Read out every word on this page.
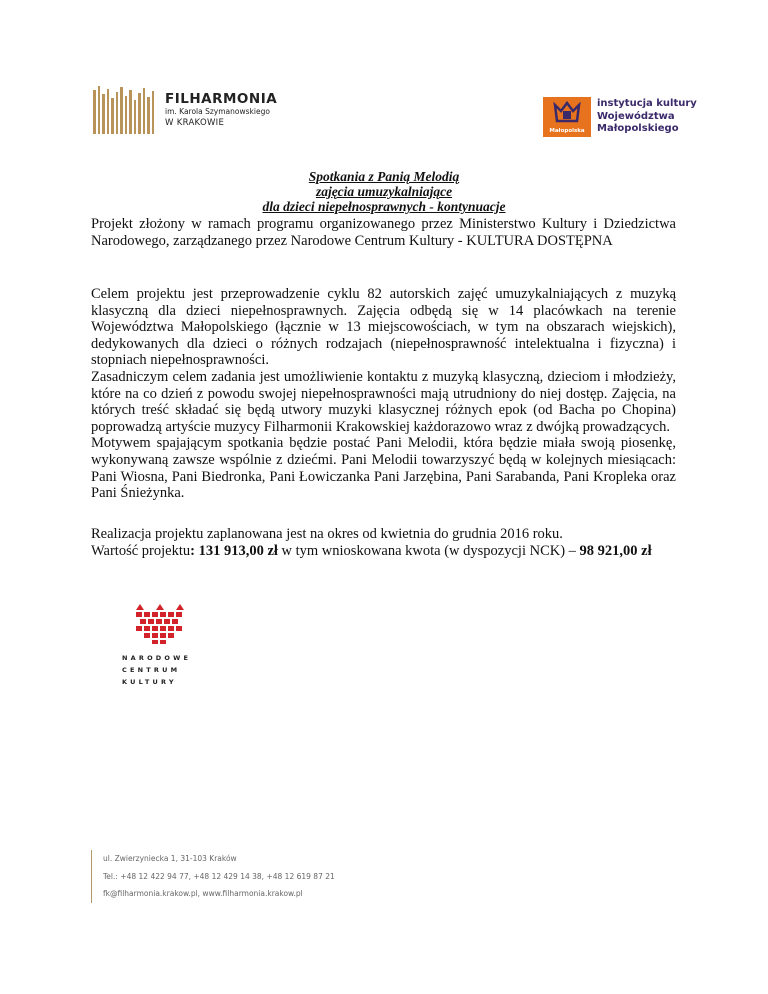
FILHARMONIA
im. Karola Szymanowskiego
W KRAKOWIE
Małopolska
instytucja kultury
Województwa
Małopolskiego
Spotkania z Panią Melodią
zajęcia umuzykalniające
dla dzieci niepełnosprawnych - kontynuacje

Projekt złożony w ramach programu organizowanego przez Ministerstwo Kultury i Dziedzictwa Narodowego, zarządzanego przez Narodowe Centrum Kultury - KULTURA DOSTĘPNA

Celem projektu jest przeprowadzenie cyklu 82 autorskich zajęć umuzykalniających z muzyką klasyczną dla dzieci niepełnosprawnych. Zajęcia odbędą się w 14 placówkach na terenie Województwa Małopolskiego (łącznie w 13 miejscowościach, w tym na obszarach wiejskich), dedykowanych dla dzieci o różnych rodzajach (niepełnosprawność intelektualna i fizyczna) i stopniach niepełnosprawności.

Zasadniczym celem zadania jest umożliwienie kontaktu z muzyką klasyczną, dzieciom i młodzieży, które na co dzień z powodu swojej niepełnosprawności mają utrudniony do niej dostęp. Zajęcia, na których treść składać się będą utwory muzyki klasycznej różnych epok (od Bacha po Chopina) poprowadzą artyście muzycy Filharmonii Krakowskiej każdorazowo wraz z dwójką prowadzących.

Motywem spajającym spotkania będzie postać Pani Melodii, która będzie miała swoją piosenkę, wykonywaną zawsze wspólnie z dziećmi. Pani Melodii towarzyszyć będą w kolejnych miesiącach: Pani Wiosna, Pani Biedronka, Pani Łowiczanka Pani Jarzębina, Pani Sarabanda, Pani Kropleka oraz Pani Śnieżynka.

Realizacja projektu zaplanowana jest na okres od kwietnia do grudnia 2016 roku.

Wartość projektu: 131 913,00 zł w tym wnioskowana kwota (w dyspozycji NCK) – 98 921,00 zł

NARODOWE
CENTRUM
KULTURY
ul. Zwierzyniecka 1, 31-103 Kraków
Tel.: +48 12 422 94 77, +48 12 429 14 38, +48 12 619 87 21
fk@filharmonia.krakow.pl, www.filharmonia.krakow.pl
